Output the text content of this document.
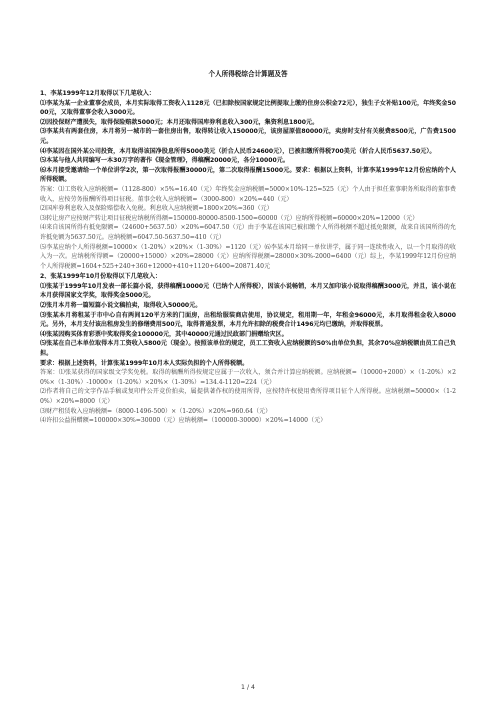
个人所得税综合计算题及答

1、李某1999年12月取得以下几笔收入：

⑴李某为某一企业董事会成员，本月实际取得工资收入1128元（已扣除按国家规定比例提取上缴的住房公积金72元），独生子女补贴100元，年终奖金5000元，又取得董事会收入3000元。

⑵因投保财产遭损失，取得保险赔款5000元；本月还取得国库券利息收入300元，集资利息1800元。

⑶李某共有两套住房，本月将另一城市的一套住房出售，取得转让收入150000元，该房屋原值80000元，卖房时支付有关税费8500元，广告费1500元。

⑷李某因在国外某公司投资，本月取得该国净股息所得5000美元（折合人民币24600元），已被扣缴所得税700美元（折合人民币5637.50元）。

⑸本某与他人共同编写一本30万字的著作《现金管理》，得稿酬20000元，各分10000元。

⑹本月接受邀请给一个单位讲学2次，第一次取得报酬30000元，第二次取得报酬15000元。要求：根据以上资料，计算李某1999年12月份应纳的个人所得税额。

答案：⑴工资收入应纳税额=（1128-800）×5%=16.40（元）年终奖金应纳税额=5000×10%-125=525（元）个人由于担任董事职务所取得的董事费收入，应按劳务报酬所得项目征税。董事会收入应纳税额=（3000-800）×20%=440（元）

⑵国库券利息收入及保险赔偿收入免税。利息收入应纳税额=1800×20%=360（元）

⑶转让房产应按财产转让项目征税应纳税所得额=150000-80000-8500-1500=60000（元）应纳所得税额=60000×20%=12000（元）

⑷来自该国所得有抵免限额=（24600+5637.50）×20%=6047.50（元）由于李某在该国已被扣缴个人所得税额不超过抵免限额，故来自该国所得的允许抵免额为5637.50元。应纳税额=6047.50-5637.50=410（元）

⑸李某应纳个人所得税额=10000×（1-20%）×20%×（1-30%）=1120（元）⑹李某本月给同一单位讲学，属于同一连续性收入，以一个月取得的收入为一次。应纳税所得额=（20000+15000）×20%=28000（元）应纳所得税额=28000×30%-2000=6400（元）综上，李某1999年12月份应纳个人所得税额=1604+525+240+360+12000+410+1120+6400=20871.40元

2、张某1999年10月份取得以下几笔收入：

⑴张某于1999年10月发表一部长篇小说，获得稿酬10000元（已纳个人所得税），因该小说畅销，本月又加印该小说取得稿酬3000元，并且，该小说在本月获得国家文学奖，取得奖金5000元。

⑵张月本月将一篇短篇小说文稿拍卖，取得收入50000元。

⑶张某本月将租某于市中心自有两间120平方米的门面房，出租给服装商店使用，协议规定，租用期一年，年租金96000元，本月取得租金收入8000元。另外，本月支付该出租房发生的修缮费用500元，取得普通发票，本月允许扣除的税费合计1496元均已缴纳，并取得税票。

⑷张某因购买体育彩票中奖取得奖金100000元，其中40000元通过民政部门捐赠给灾区。

⑸张某在自己本单位取得本月工资收入5800元（现金）。按照该单位的规定，员工工资收入应纳税额的50%由单位负担，其余70%应纳税额由员工自己负担。

要求：根据上述资料，计算张某1999年10月本人实际负担的个人所得税额。

答案：⑴张某获得的国家级文学奖免税。取得的稿酬所得按规定应属于一次收入，须合并计算应纳税额。应纳税额=（10000+2000）×（1-20%）×20%×（1-30%）-10000×（1-20%）×20%×（1-30%）=134.4-1120=224（元）

⑵作者将自己的文字作品手稿或复印件公开竞价拍卖，属提供著作权的使用所得，应按特许权使用费所得项目征个人所得税。应纳税额=50000×（1-20%）×20%=8000（元）

⑶财产租赁收入应纳税额=（8000-1496-500）×（1-20%）×20%=960.64（元）

⑷许扣公益捐赠额=100000×30%=30000（元）应纳税额=（100000-30000）×20%=14000（元）

1 / 4
